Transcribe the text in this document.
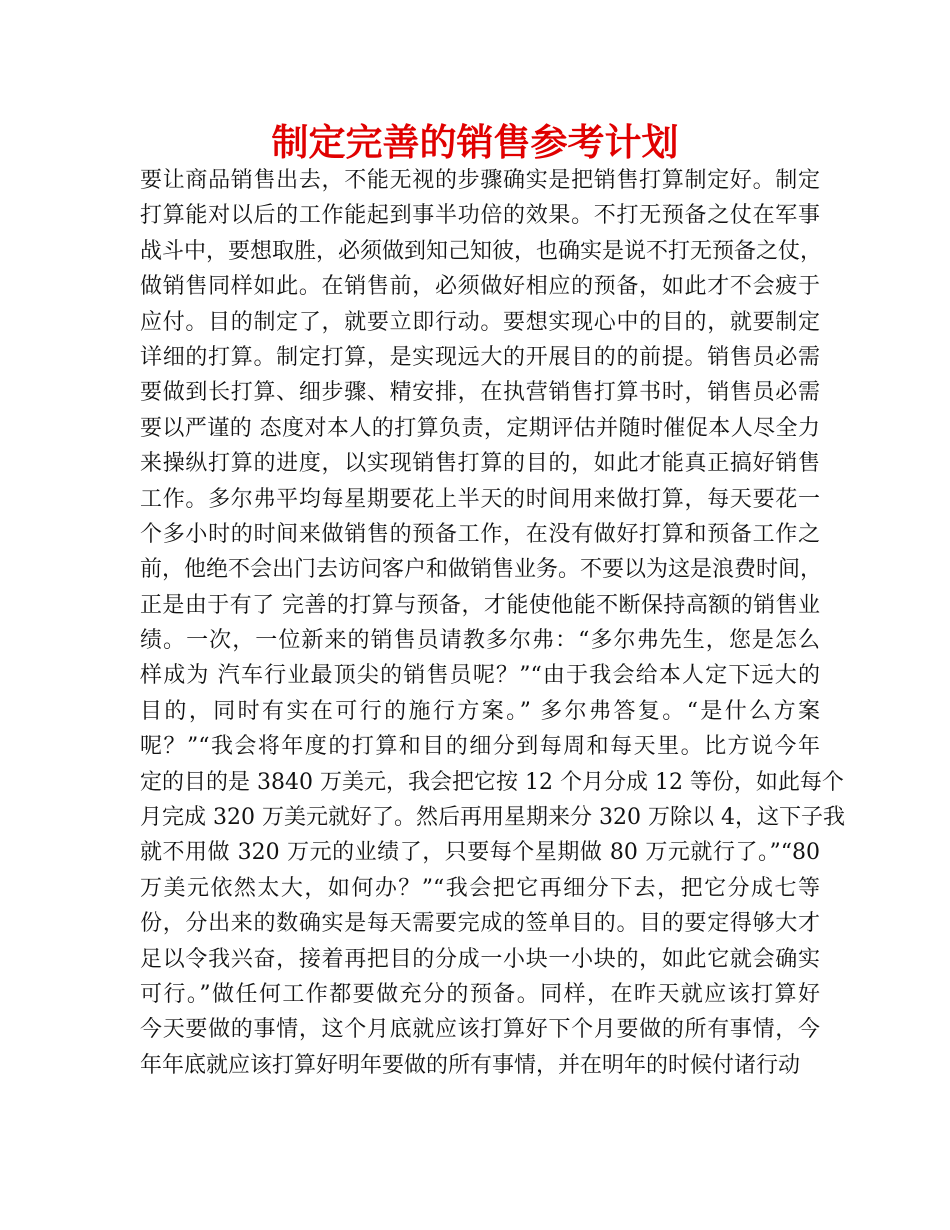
制定完善的销售参考计划
要让商品销售出去，不能无视的步骤确实是把销售打算制定好。制定
打算能对以后的工作能起到事半功倍的效果。不打无预备之仗在军事
战斗中，要想取胜，必须做到知己知彼，也确实是说不打无预备之仗，
做销售同样如此。在销售前，必须做好相应的预备，如此才不会疲于
应付。目的制定了，就要立即行动。要想实现心中的目的，就要制定
详细的打算。制定打算，是实现远大的开展目的的前提。销售员必需
要做到长打算、细步骤、精安排，在执营销售打算书时，销售员必需
要以严谨的 态度对本人的打算负责，定期评估并随时催促本人尽全力
来操纵打算的进度，以实现销售打算的目的，如此才能真正搞好销售
工作。多尔弗平均每星期要花上半天的时间用来做打算，每天要花一
个多小时的时间来做销售的预备工作，在没有做好打算和预备工作之
前，他绝不会出门去访问客户和做销售业务。不要以为这是浪费时间，
正是由于有了 完善的打算与预备，才能使他能不断保持高额的销售业
绩。一次，一位新来的销售员请教多尔弗：“多尔弗先生，您是怎么
样成为 汽车行业最顶尖的销售员呢？”“由于我会给本人定下远大的
目的，同时有实在可行的施行方案。” 多尔弗答复。“是什么方案
呢？”“我会将年度的打算和目的细分到每周和每天里。比方说今年
定的目的是 3840 万美元，我会把它按 12 个月分成 12 等份，如此每个
月完成 320 万美元就好了。然后再用星期来分 320 万除以 4，这下子我
就不用做 320 万元的业绩了，只要每个星期做 80 万元就行了。”“80
万美元依然太大，如何办？”“我会把它再细分下去，把它分成七等
份，分出来的数确实是每天需要完成的签单目的。目的要定得够大才
足以令我兴奋，接着再把目的分成一小块一小块的，如此它就会确实
可行。”做任何工作都要做充分的预备。同样，在昨天就应该打算好
今天要做的事情，这个月底就应该打算好下个月要做的所有事情，今
年年底就应该打算好明年要做的所有事情，并在明年的时候付诸行动
